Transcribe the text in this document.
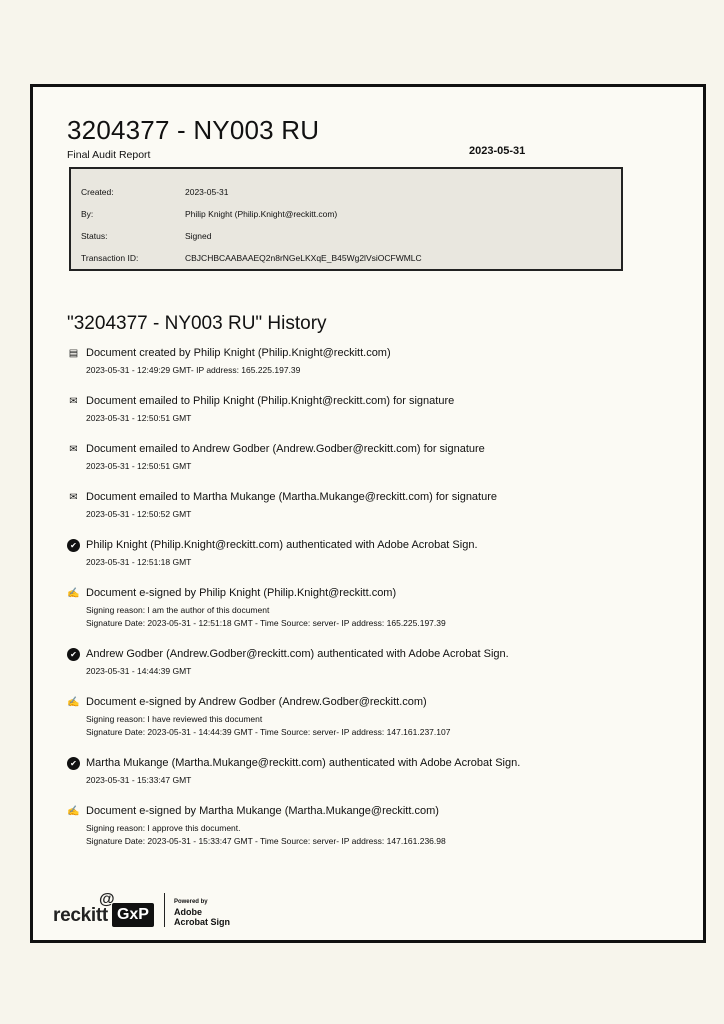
3204377 - NY003 RU
Final Audit Report	2023-05-31
Created:	2023-05-31
By:	Philip Knight (Philip.Knight@reckitt.com)
Status:	Signed
Transaction ID:	CBJCHBCAABAAEQ2n8rNGeLKXqE_B45Wg2lVsiOCFWMLC
"3204377 - NY003 RU" History
▤ Document created by Philip Knight (Philip.Knight@reckitt.com)
2023-05-31 - 12:49:29 GMT- IP address: 165.225.197.39
✉ Document emailed to Philip Knight (Philip.Knight@reckitt.com) for signature
2023-05-31 - 12:50:51 GMT
✉ Document emailed to Andrew Godber (Andrew.Godber@reckitt.com) for signature
2023-05-31 - 12:50:51 GMT
✉ Document emailed to Martha Mukange (Martha.Mukange@reckitt.com) for signature
2023-05-31 - 12:50:52 GMT
✔ Philip Knight (Philip.Knight@reckitt.com) authenticated with Adobe Acrobat Sign.
2023-05-31 - 12:51:18 GMT
✍ Document e-signed by Philip Knight (Philip.Knight@reckitt.com)
Signing reason: I am the author of this document
Signature Date: 2023-05-31 - 12:51:18 GMT - Time Source: server- IP address: 165.225.197.39
✔ Andrew Godber (Andrew.Godber@reckitt.com) authenticated with Adobe Acrobat Sign.
2023-05-31 - 14:44:39 GMT
✍ Document e-signed by Andrew Godber (Andrew.Godber@reckitt.com)
Signing reason: I have reviewed this document
Signature Date: 2023-05-31 - 14:44:39 GMT - Time Source: server- IP address: 147.161.237.107
✔ Martha Mukange (Martha.Mukange@reckitt.com) authenticated with Adobe Acrobat Sign.
2023-05-31 - 15:33:47 GMT
✍ Document e-signed by Martha Mukange (Martha.Mukange@reckitt.com)
Signing reason: I approve this document.
Signature Date: 2023-05-31 - 15:33:47 GMT - Time Source: server- IP address: 147.161.236.98
reckitt
@
GxP
Powered by
Adobe
Acrobat Sign
